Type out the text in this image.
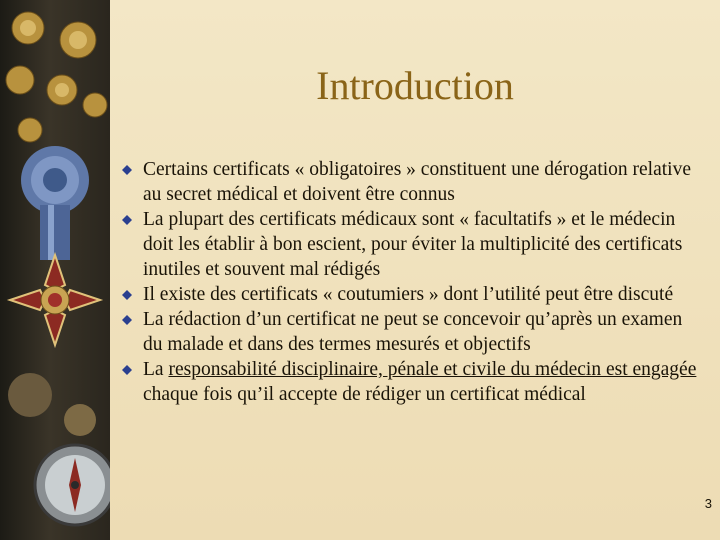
Introduction
Certains certificats « obligatoires » constituent une dérogation relative au secret médical et doivent être connus
La plupart des certificats médicaux sont « facultatifs » et le médecin doit les établir à bon escient, pour éviter la multiplicité des certificats inutiles et souvent mal rédigés
Il existe des certificats « coutumiers » dont l’utilité peut être discuté
La rédaction d’un certificat ne peut se concevoir qu’après un examen du malade et dans des termes mesurés et objectifs
La responsabilité disciplinaire, pénale et civile du médecin est engagée chaque fois qu’il accepte de rédiger un certificat médical
3
